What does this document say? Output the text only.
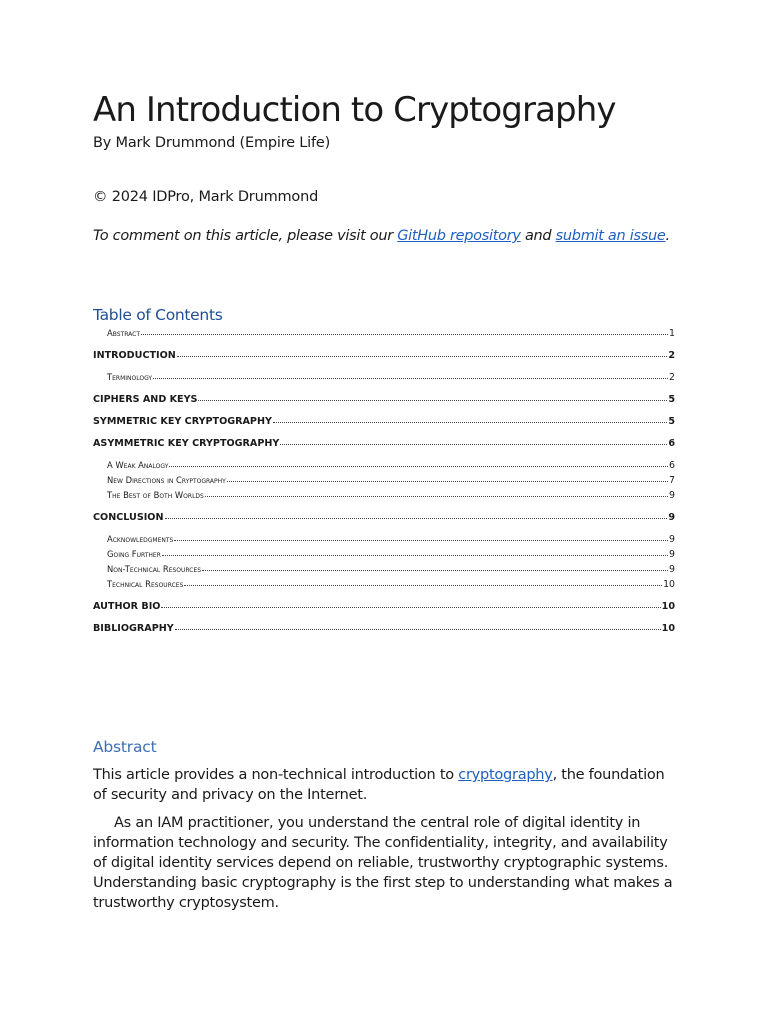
An Introduction to Cryptography
By Mark Drummond (Empire Life)
© 2024 IDPro, Mark Drummond
To comment on this article, please visit our GitHub repository and submit an issue.
Table of Contents
Abstract	1
INTRODUCTION	2
Terminology	2
CIPHERS AND KEYS	5
SYMMETRIC KEY CRYPTOGRAPHY	5
ASYMMETRIC KEY CRYPTOGRAPHY	6
A Weak Analogy	6
New Directions in Cryptography	7
The Best of Both Worlds	9
CONCLUSION	9
Acknowledgments	9
Going Further	9
Non-Technical Resources	9
Technical Resources	10
AUTHOR BIO	10
BIBLIOGRAPHY	10
Abstract

This article provides a non-technical introduction to cryptography, the foundation of security and privacy on the Internet.

As an IAM practitioner, you understand the central role of digital identity in information technology and security. The confidentiality, integrity, and availability of digital identity services depend on reliable, trustworthy cryptographic systems. Understanding basic cryptography is the first step to understanding what makes a trustworthy cryptosystem.
